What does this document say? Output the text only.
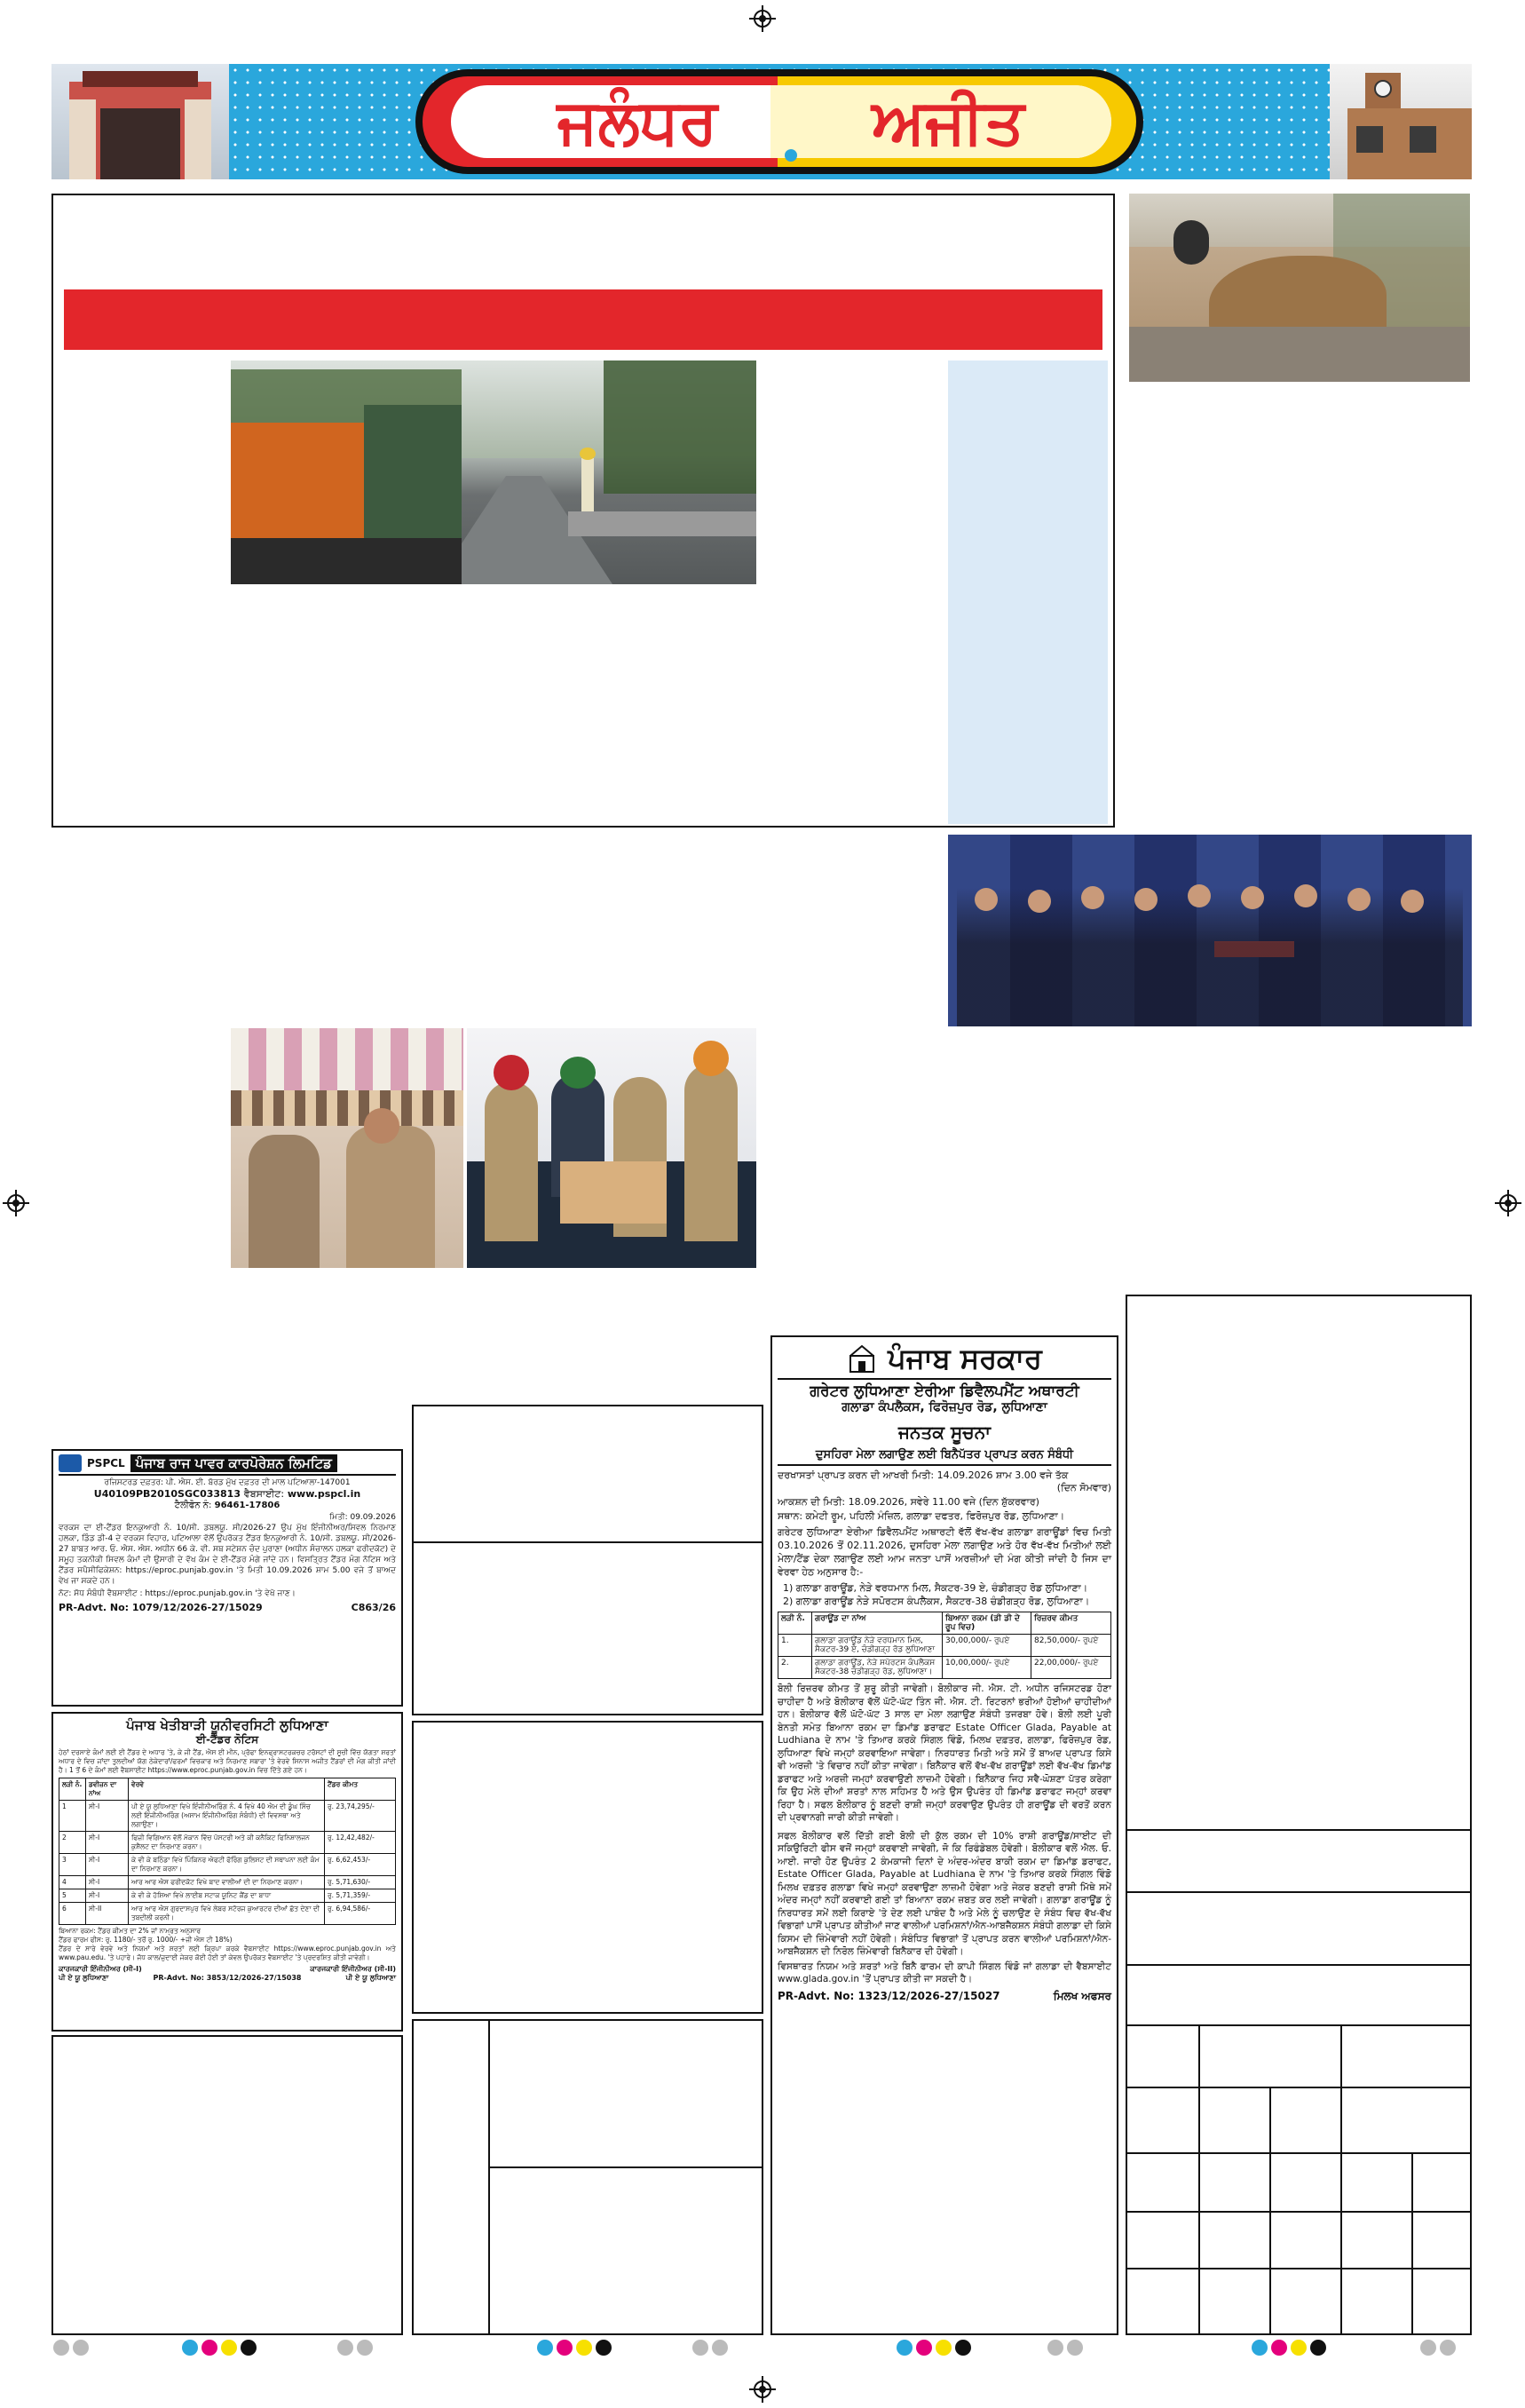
ਜਲੰਧਰ	ਅਜੀਤ
PSPCL ਪੰਜਾਬ ਰਾਜ ਪਾਵਰ ਕਾਰਪੋਰੇਸ਼ਨ ਲਿਮਟਿਡ
ਰਜਿਸਟਰਡ ਦਫ਼ਤਰ: ਪੀ. ਐਸ. ਈ. ਬੋਰਡ ਮੁੱਖ ਦਫ਼ਤਰ ਦੀ ਮਾਲ ਪਟਿਆਲਾ-147001
U40109PB2010SGC033813 ਵੈਬਸਾਈਟ: www.pspcl.in
ਟੈਲੀਫੋਨ ਨੰ: 96461-17806
ਮਿਤੀ: 09.09.2026
ਵਰਕਸ ਦਾ ਈ-ਟੈਂਡਰ ਇਨਕੁਆਰੀ ਨੰ. 10/ਸੀ. ਡਬਲਯੂ. ਸੀ/2026-27 ਉਪ ਮੁੱਖ ਇੰਜੀਨੀਅਰ/ਸਿਵਲ ਨਿਰਮਾਣ ਹਲਕਾ, ਡਿੰਡ ਡੀ-4 ਦੇ ਵਰਕਸ ਵਿਹਾਰ, ਪਟਿਆਲਾ ਵੱਲੋਂ ਉਪਰੋਕਤ ਟੈਂਡਰ ਇਨਕੁਆਰੀ ਨੰ. 10/ਸੀ. ਡਬਲਯੂ. ਸੀ/2026-27 ਬਾਬਤ ਆਰ. ਓ. ਐਸ. ਐਸ. ਅਧੀਨ 66 ਕੇ. ਵੀ. ਸਬ ਸਟੇਸ਼ਨ ਚੰਦ ਪੁਰਾਣਾ (ਅਧੀਨ ਸੰਚਾਲਨ ਹਲਕਾ ਫਰੀਦਕੋਟ) ਦੇ ਸਮੂਹ ਤਕਨੀਕੀ ਸਿਵਲ ਕੰਮਾਂ ਦੀ ਉਸਾਰੀ ਦੇ ਵੱਖ ਕੰਮ ਦੇ ਈ-ਟੈਂਡਰ ਮੰਗੇ ਜਾਂਦੇ ਹਨ। ਵਿਸਤ੍ਰਿਤ ਟੈਂਡਰ ਮੰਗ ਨੋਟਿਸ ਅਤੇ ਟੈਂਡਰ ਸਪੈਸੀਫਿਕੇਸ਼ਨ: https://eproc.punjab.gov.in 'ਤੇ ਮਿਤੀ 10.09.2026 ਸ਼ਾਮ 5.00 ਵਜੇ ਤੋਂ ਬਾਅਦ ਵੇਖ ਜਾ ਸਕਦੇ ਹਨ।
ਨੋਟ: ਸੋਧ ਸੰਬੰਧੀ ਵੈਬਸਾਈਟ : https://eproc.punjab.gov.in 'ਤੇ ਵੇਖੋ ਜਾਣ।
PR-Advt. No: 1079/12/2026-27/15029	C863/26
ਪੰਜਾਬ ਖੇਤੀਬਾੜੀ ਯੂਨੀਵਰਸਿਟੀ ਲੁਧਿਆਣਾ
ਈ-ਟੈਂਡਰ ਨੋਟਿਸ
ਹੇਠਾਂ ਦਰਸਾਏ ਕੰਮਾਂ ਲਈ ਈ ਟੈਂਡਰ ਦੇ ਅਧਾਰ 'ਤੇ, ਕੇ ਜੀ ਟੈਂਡ, ਐਸ ਈ ਮੀਨ, ਪ੍ਰੋਫਾ ਇਨਫ੍ਰਾਸਟਰਕਚਰ ਟਰੱਸਟਾਂ ਦੀ ਸੂਚੀ ਵਿੱਚ ਯੋਗਤਾ ਸ਼ਰਤਾਂ ਅਧਾਰ ਦੇ ਵਿਚ ਜਾਂਦਾ ਤੁਲਦੀਆਂ ਯੋਗ ਠੇਕੇਦਾਰਾਂ/ਫਰਮਾਂ ਵਿਚਕਾਰ ਅਤੇ ਨਿਰਮਾਣ ਸਬਾਰਾ 'ਤੇ ਵੇਰਵੇ ਸਿਨਾਸ ਅਜੀਤ ਟੈਂਡਰਾਂ ਦੀ ਮੰਗ ਕੀਤੀ ਜਾਂਦੀ ਹੈ। 1 ਤੋਂ 6 ਦੇ ਕੰਮਾਂ ਲਈ ਵੈਬਸਾਈਟ https://www.eproc.punjab.gov.in ਵਿਚ ਦਿੱਤੇ ਗਏ ਹਨ।
ਲੜੀ ਨੰ.	ਡਵੀਜ਼ਨ ਦਾ ਨਾਂਅ	ਵੇਰਵੇ	ਟੈਂਡਰ ਕੀਮਤ
1	ਸੀ-I	ਪੀ ਏ ਯੂ ਲੁਧਿਆਣਾ ਵਿਖੇ ਇੰਜੀਨੀਅਰਿੰਗ ਨੰ. 4 ਵਿਖੇ 40 ਐਮ ਦੀ ਡੂੰਘ ਸਿੰਚ ਲਈ ਇੰਜੀਨੀਅਰਿੰਗ (ਅਸਾਮ ਇੰਜੀਨੀਅਰਿੰਗ ਸੰਬੰਧੀ) ਦੀ ਵਿਵਸਥਾ ਅਤੇ ਲਗਾਉਣਾ।	ਰੁ. 23,74,295/-
2	ਸੀ-I	ਫਿਜ਼ੀ ਵਿਗਿਆਨ ਵੱਲੋਂ ਮੋਕਾਨ ਵਿੱਚ ਪੋਸਟਰੀ ਅਤੇ ਕੀ ਕਨੈਕਿਟ ਫਿਨਿਸ਼ਾਲਜਨ ਕੁਸ਼ੈਲਟ ਦਾ ਨਿਰਮਾਣ ਕਰਨਾ।	ਰੁ. 12,42,482/-
3	ਸੀ-I	ਕੇ ਵੀ ਕੇ ਬਠਿੰਡਾ ਵਿਖੇ ਪਿੰਕਿਨਰ ਐਫਟੀ ਫੋਰਿੰਗ ਕੁਲਿਸਟ ਦੀ ਸਥਾਪਨਾ ਲਈ ਕੰਮ ਦਾ ਨਿਰਮਾਣ ਕਰਨਾ।	ਰੁ. 6,62,453/-
4	ਸੀ-I	ਆਰ ਆਰ ਐਸ ਫਰੀਦਕੋਟ ਵਿਖੇ ਬਾਦ ਵਾਲੀਆਂ ਦੀ ਦਾ ਨਿਰਮਾਣ ਕਰਨਾ।	ਰੁ. 5,71,630/-
5	ਸੀ-I	ਕੇ ਵੀ ਕੇ ਹੋਸ਼ਿਆ ਵਿਖੇ ਲਾਈਬ ਸਟਾਕ ਯੂਨਿਟ ਕੈਂਡ ਦਾ ਬਾਧਾ	ਰੁ. 5,71,359/-
6	ਸੀ-II	ਆਰ ਆਰ ਐਸ ਗੁਰਦਾਸਪੁਰ ਵਿਖੇ ਲੇਬਰ ਸਟੋਰਜ ਕੁਆਰਟਰ ਦੀਆਂ ਛੱਤ ਦੇਣਾ ਦੀ ਤਬਦੀਲੀ ਕਰਨੀ।	ਰੁ. 6,94,586/-
ਬਿਆਨਾ ਰਕਮ: ਟੈਂਡਰ ਕੀਮਤ ਦਾ 2% ਜਾਂ ਨਾਮ੍ਰਤ ਅਨੁਸਾਰ
ਟੈਂਡਰ ਫਾਰਮ ਫੀਸ: ਰੁ. 1180/- ਤਰੋਂ ਰੁ. 1000/- +ਜੀ ਐਸ ਟੀ 18%)
ਟੈਂਡਰ ਦੇ ਸਾਰੇ ਵੇਰਵੇ ਅਤੇ ਨਿਯਮਾਂ ਅਤੇ ਸ਼ਰਤਾਂ ਲਈ ਕ੍ਰਿਪਾ ਕਰਕੇ ਵੈਬਸਾਈਟ https://www.eproc.punjab.gov.in ਅਤੇ www.pau.edu. 'ਤੇ ਪਹਾਰੇ। ਜੋਧ ਕਾਲ/ਜੁਦਾਈ ਜੇਕਰ ਕੋਈ ਹੋਈ ਤਾਂ ਕੇਵਲ ਉਪਰੋਕਤ ਵੈਬਸਾਈਟ 'ਤੇ ਪ੍ਰਦਰਸ਼ਿਤ ਕੀਤੀ ਜਾਵੇਗੀ।
ਕਾਰਜਕਾਰੀ ਇੰਜੀਨੀਅਰ (ਸੀ-I)	ਕਾਰਜਕਾਰੀ ਇੰਜੀਨੀਅਰ (ਸੀ-II)
ਪੀ ਏ ਯੂ ਲੁਧਿਆਣਾ	PR-Advt. No: 3853/12/2026-27/15038	ਪੀ ਏ ਯੂ ਲੁਧਿਆਣਾ
ਪੰਜਾਬ ਸਰਕਾਰ
ਗਰੇਟਰ ਲੁਧਿਆਣਾ ਏਰੀਆ ਡਿਵੈਲਪਮੈਂਟ ਅਥਾਰਟੀ
ਗਲਾਡਾ ਕੰਪਲੈਕਸ, ਫਿਰੋਜ਼ਪੁਰ ਰੋਡ, ਲੁਧਿਆਣਾ
ਜਨਤਕ ਸੂਚਨਾ
ਦੁਸਹਿਰਾ ਮੇਲਾ ਲਗਾਉਣ ਲਈ ਬਿਨੈਪੱਤਰ ਪ੍ਰਾਪਤ ਕਰਨ ਸੰਬੰਧੀ
ਦਰਖਾਸਤਾਂ ਪ੍ਰਾਪਤ ਕਰਨ ਦੀ ਆਖਰੀ ਮਿਤੀ: 14.09.2026 ਸ਼ਾਮ 3.00 ਵਜੇ ਤੱਕ
(ਦਿਨ ਸੋਮਵਾਰ)
ਆਕਸ਼ਨ ਦੀ ਮਿਤੀ: 18.09.2026, ਸਵੇਰੇ 11.00 ਵਜੇ (ਦਿਨ ਸ਼ੁੱਕਰਵਾਰ)
ਸਥਾਨ: ਕਮੇਟੀ ਰੂਮ, ਪਹਿਲੀ ਮੰਜ਼ਿਲ, ਗਲਾਡਾ ਦਫਤਰ, ਫਿਰੋਜ਼ਪੁਰ ਰੋਡ, ਲੁਧਿਆਣਾ।
ਗਰੇਟਰ ਲੁਧਿਆਣਾ ਏਰੀਆ ਡਿਵੈਲਪਮੈਂਟ ਅਥਾਰਟੀ ਵੱਲੋਂ ਵੱਖ-ਵੱਖ ਗਲਾਡਾ ਗਰਾਊਂਡਾਂ ਵਿਚ ਮਿਤੀ 03.10.2026 ਤੋਂ 02.11.2026, ਦੁਸਹਿਰਾ ਮੇਲਾ ਲਗਾਉਣ ਅਤੇ ਹੋਰ ਵੱਖ-ਵੱਖ ਮਿਤੀਆਂ ਲਈ ਮੇਲਾ/ਟੈਂਡ ਦੇਕਾ ਲਗਾਉਣ ਲਈ ਆਮ ਜਨਤਾ ਪਾਸੋਂ ਅਰਜ਼ੀਆਂ ਦੀ ਮੰਗ ਕੀਤੀ ਜਾਂਦੀ ਹੈ ਜਿਸ ਦਾ ਵੇਰਵਾ ਹੇਠ ਅਨੁਸਾਰ ਹੈ:-
1) ਗਲਾਡਾ ਗਰਾਊਂਡ, ਨੇੜੇ ਵਰਧਮਾਨ ਮਿਲ, ਸੈਕਟਰ-39 ਏ, ਚੰਡੀਗੜ੍ਹ ਰੋਡ ਲੁਧਿਆਣਾ।
2) ਗਲਾਡਾ ਗਰਾਊਂਡ ਨੇੜੇ ਸਪੋਰਟਸ ਕੰਪਲੈਕਸ, ਸੈਕਟਰ-38 ਚੰਡੀਗੜ੍ਹ ਰੋਡ, ਲੁਧਿਆਣਾ।
ਲੜੀ ਨੰ.	ਗਰਾਊਂਡ ਦਾ ਨਾਂਅ	ਬਿਆਨਾ ਰਕਮ (ਡੀ ਡੀ ਦੇ ਰੂਪ ਵਿਚ)	ਰਿਜ਼ਰਵ ਕੀਮਤ
1.	ਗਲਾਡਾ ਗਰਾਊਂਡ ਨੇੜੇ ਵਰਧਮਾਨ ਮਿਲ, ਸੈਕਟਰ-39 ਏ, ਚੰਡੀਗੜ੍ਹ ਰੋਡ ਲੁਧਿਆਣਾ	30,00,000/- ਰੁਪਏ	82,50,000/- ਰੁਪਏ
2.	ਗਲਾਡਾ ਗਰਾਊਂਡ, ਨੇੜੇ ਸਪੋਰਟਸ ਕੰਪਲੈਕਸ ਸੈਕਟਰ-38 ਚੰਡੀਗੜ੍ਹ ਰੋਡ, ਲੁਧਿਆਣਾ।	10,00,000/- ਰੁਪਏ	22,00,000/- ਰੁਪਏ
ਬੋਲੀ ਰਿਜ਼ਰਵ ਕੀਮਤ ਤੋਂ ਸ਼ੁਰੂ ਕੀਤੀ ਜਾਵੇਗੀ। ਬੋਲੀਕਾਰ ਜੀ. ਐਸ. ਟੀ. ਅਧੀਨ ਰਜਿਸਟਰਡ ਹੋਣਾ ਚਾਹੀਦਾ ਹੈ ਅਤੇ ਬੋਲੀਕਾਰ ਵੱਲੋਂ ਘੱਟੋ-ਘੱਟ ਤਿੰਨ ਜੀ. ਐਸ. ਟੀ. ਰਿਟਰਨਾਂ ਭਰੀਆਂ ਹੋਈਆਂ ਚਾਹੀਦੀਆਂ ਹਨ। ਬੋਲੀਕਾਰ ਵੱਲੋਂ ਘੱਟੋ-ਘੱਟ 3 ਸਾਲ ਦਾ ਮੇਲਾ ਲਗਾਉਣ ਸੰਬੰਧੀ ਤਜਰਬਾ ਹੋਵੇ। ਬੋਲੀ ਲਈ ਪੂਰੀ ਬੇਨਤੀ ਸਮੇਤ ਬਿਆਨਾ ਰਕਮ ਦਾ ਡਿਮਾਂਡ ਡਰਾਫਟ Estate Officer Glada, Payable at Ludhiana ਦੇ ਨਾਮ 'ਤੇ ਤਿਆਰ ਕਰਕੇ ਸਿੰਗਲ ਵਿੰਡੋ, ਮਿਲਖ ਦਫ਼ਤਰ, ਗਲਾਡਾ, ਫਿਰੋਜ਼ਪੁਰ ਰੋਡ, ਲੁਧਿਆਣਾ ਵਿਖੇ ਜਮ੍ਹਾਂ ਕਰਵਾਇਆ ਜਾਵੇਗਾ। ਨਿਰਧਾਰਤ ਮਿਤੀ ਅਤੇ ਸਮੇਂ ਤੋਂ ਬਾਅਦ ਪ੍ਰਾਪਤ ਕਿਸੇ ਵੀ ਅਰਜ਼ੀ 'ਤੇ ਵਿਚਾਰ ਨਹੀਂ ਕੀਤਾ ਜਾਵੇਗਾ। ਬਿਨੈਕਾਰ ਵਲੋਂ ਵੱਖ-ਵੱਖ ਗਰਾਊਂਡਾਂ ਲਈ ਵੱਖ-ਵੱਖ ਡਿਮਾਂਡ ਡਰਾਫਟ ਅਤੇ ਅਰਜ਼ੀ ਜਮ੍ਹਾਂ ਕਰਵਾਉਣੀ ਲਾਜ਼ਮੀ ਹੋਵੇਗੀ। ਬਿਨੈਕਾਰ ਜਿਹ ਸਵੈ-ਘੋਸ਼ਣਾ ਪੱਤਰ ਕਰੇਗਾ ਕਿ ਉਹ ਮੇਲੇ ਦੀਆਂ ਸ਼ਰਤਾਂ ਨਾਲ ਸਹਿਮਤ ਹੈ ਅਤੇ ਉਸ ਉਪਰੰਤ ਹੀ ਡਿਮਾਂਡ ਡਰਾਫਟ ਜਮ੍ਹਾਂ ਕਰਵਾ ਰਿਹਾ ਹੈ। ਸਫਲ ਬੋਲੀਕਾਰ ਨੂੰ ਬਣਦੀ ਰਾਸ਼ੀ ਜਮ੍ਹਾਂ ਕਰਵਾਉਣ ਉਪਰੰਤ ਹੀ ਗਰਾਊਂਡ ਦੀ ਵਰਤੋਂ ਕਰਨ ਦੀ ਪ੍ਰਵਾਨਗੀ ਜਾਰੀ ਕੀਤੀ ਜਾਵੇਗੀ।
ਸਫਲ ਬੋਲੀਕਾਰ ਵਲੋਂ ਦਿੱਤੀ ਗਈ ਬੋਲੀ ਦੀ ਕੁੱਲ ਰਕਮ ਦੀ 10% ਰਾਸ਼ੀ ਗਰਾਊਂਡ/ਸਾਈਟ ਦੀ ਸਕਿਉਰਿਟੀ ਫੀਸ ਵਜੋਂ ਜਮ੍ਹਾਂ ਕਰਵਾਈ ਜਾਵੇਗੀ, ਜੋ ਕਿ ਰਿਫੰਡੇਬਲ ਹੋਵੇਗੀ। ਬੋਲੀਕਾਰ ਵਲੋਂ ਐਲ. ਓ. ਆਈ. ਜਾਰੀ ਹੋਣ ਉਪਰੰਤ 2 ਕੰਮਕਾਜੀ ਦਿਨਾਂ ਦੇ ਅੰਦਰ-ਅੰਦਰ ਬਾਕੀ ਰਕਮ ਦਾ ਡਿਮਾਂਡ ਡਰਾਫਟ, Estate Officer Glada, Payable at Ludhiana ਦੇ ਨਾਮ 'ਤੇ ਤਿਆਰ ਕਰਕੇ ਸਿੰਗਲ ਵਿੰਡੋ ਮਿਲਖ ਦਫ਼ਤਰ ਗਲਾਡਾ ਵਿਖੇ ਜਮ੍ਹਾਂ ਕਰਵਾਉਣਾ ਲਾਜ਼ਮੀ ਹੋਵੇਗਾ ਅਤੇ ਜੇਕਰ ਬਣਦੀ ਰਾਸ਼ੀ ਮਿੱਥੇ ਸਮੇਂ ਅੰਦਰ ਜਮ੍ਹਾਂ ਨਹੀਂ ਕਰਵਾਈ ਗਈ ਤਾਂ ਬਿਆਨਾ ਰਕਮ ਜ਼ਬਤ ਕਰ ਲਈ ਜਾਵੇਗੀ। ਗਲਾਡਾ ਗਰਾਊਂਡ ਨੂੰ ਨਿਰਧਾਰਤ ਸਮੇਂ ਲਈ ਕਿਰਾਏ 'ਤੇ ਦੇਣ ਲਈ ਪਾਬੰਦ ਹੈ ਅਤੇ ਮੇਲੇ ਨੂੰ ਚਲਾਉਣ ਦੇ ਸੰਬੰਧ ਵਿਚ ਵੱਖ-ਵੱਖ ਵਿਭਾਗਾਂ ਪਾਸੋਂ ਪ੍ਰਾਪਤ ਕੀਤੀਆਂ ਜਾਣ ਵਾਲੀਆਂ ਪਰਮਿਸ਼ਨਾਂ/ਐਨ-ਆਬਜੈਕਸ਼ਨ ਸੰਬੰਧੀ ਗਲਾਡਾ ਦੀ ਕਿਸੇ ਕਿਸਮ ਦੀ ਜ਼ਿੰਮੇਵਾਰੀ ਨਹੀਂ ਹੋਵੇਗੀ। ਸੰਬੰਧਿਤ ਵਿਭਾਗਾਂ ਤੋਂ ਪ੍ਰਾਪਤ ਕਰਨ ਵਾਲੀਆਂ ਪਰਮਿਸ਼ਨਾਂ/ਐਨ-ਆਬਜੈਕਸ਼ਨ ਦੀ ਨਿਰੋਲ ਜ਼ਿੰਮੇਵਾਰੀ ਬਿਨੈਕਾਰ ਦੀ ਹੋਵੇਗੀ।
ਵਿਸਥਾਰਤ ਨਿਯਮ ਅਤੇ ਸ਼ਰਤਾਂ ਅਤੇ ਬਿਨੈ ਫਾਰਮ ਦੀ ਕਾਪੀ ਸਿੰਗਲ ਵਿੰਡੋ ਜਾਂ ਗਲਾਡਾ ਦੀ ਵੈਬਸਾਈਟ www.glada.gov.in 'ਤੋਂ ਪ੍ਰਾਪਤ ਕੀਤੀ ਜਾ ਸਕਦੀ ਹੈ।
PR-Advt. No: 1323/12/2026-27/15027	ਮਿਲਖ ਅਫਸਰ
